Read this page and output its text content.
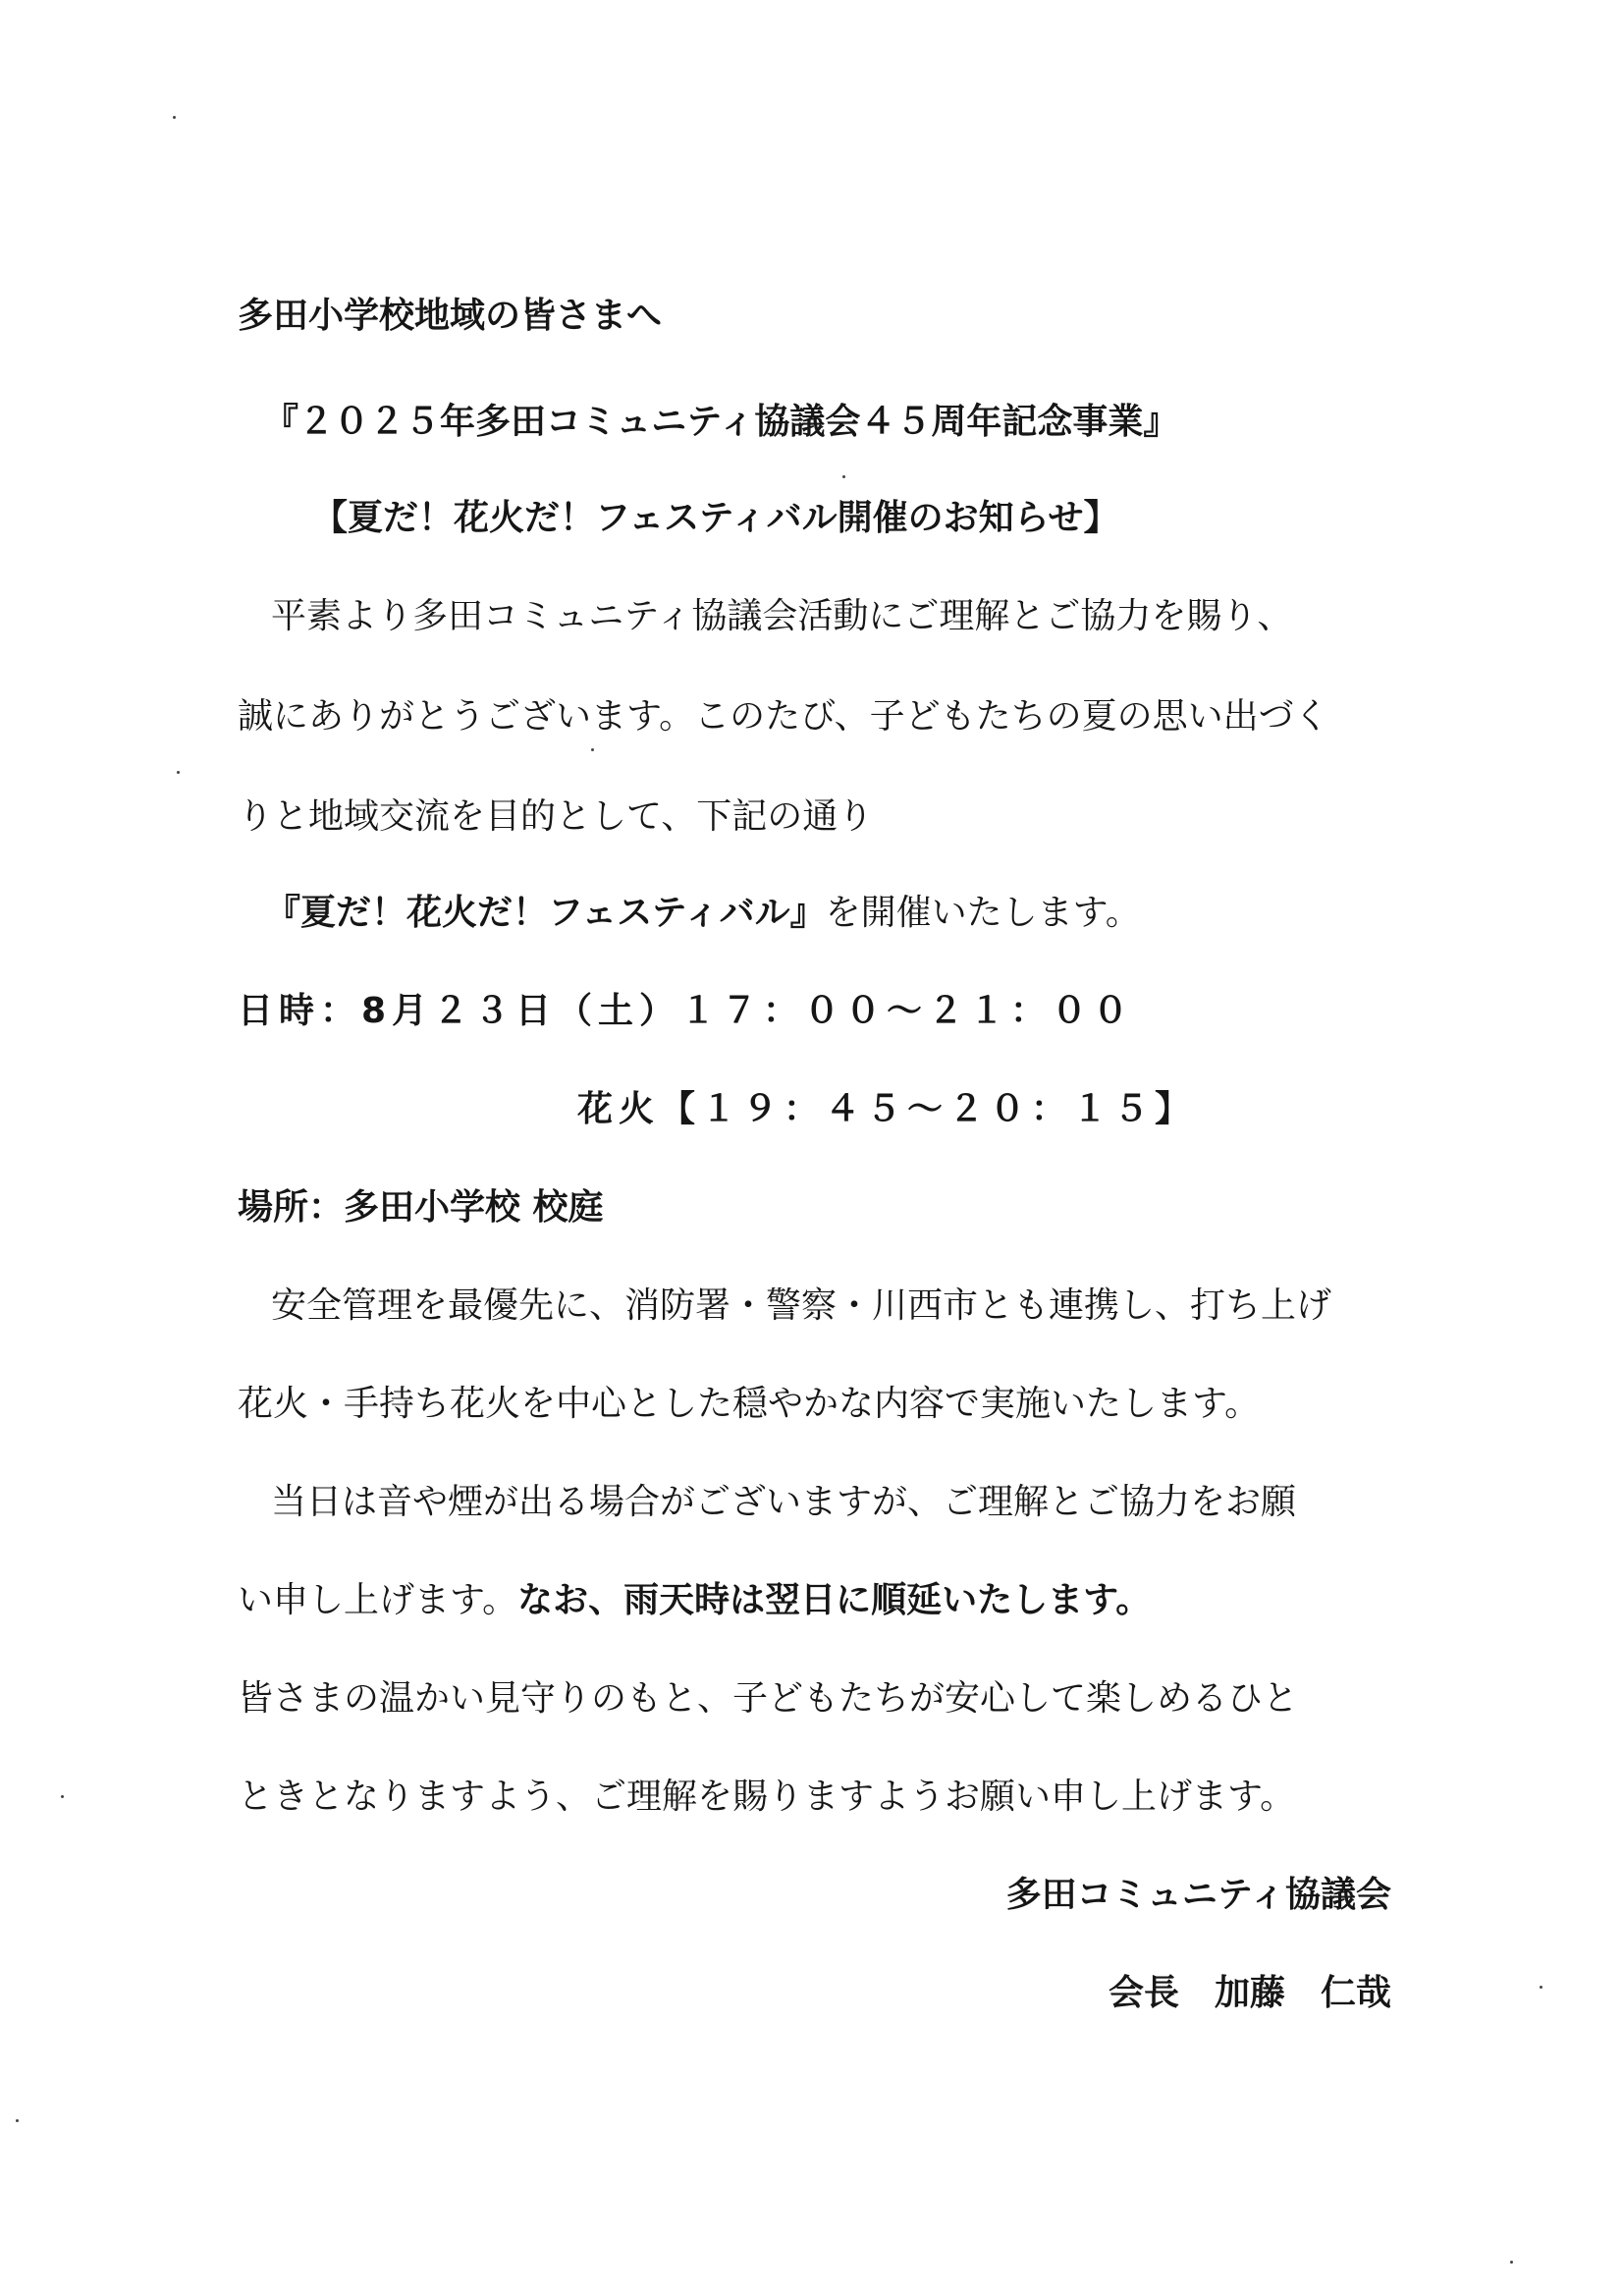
多田小学校地域の皆さまへ
『２０２５年多田コミュニティ協議会４５周年記念事業』
【夏だ！花火だ！フェスティバル開催のお知らせ】
平素より多田コミュニティ協議会活動にご理解とご協力を賜り、
誠にありがとうございます。このたび、子どもたちの夏の思い出づく
りと地域交流を目的として、下記の通り
『夏だ！花火だ！フェスティバル』を開催いたします。
日時：8月２３日（土）１７：００～２１：００
花火【１９：４５～２０：１５】
場所：多田小学校 校庭
安全管理を最優先に、消防署・警察・川西市とも連携し、打ち上げ
花火・手持ち花火を中心とした穏やかな内容で実施いたします。
当日は音や煙が出る場合がございますが、ご理解とご協力をお願
い申し上げます。なお、雨天時は翌日に順延いたします。
皆さまの温かい見守りのもと、子どもたちが安心して楽しめるひと
ときとなりますよう、ご理解を賜りますようお願い申し上げます。
多田コミュニティ協議会
会長　加藤　仁哉
